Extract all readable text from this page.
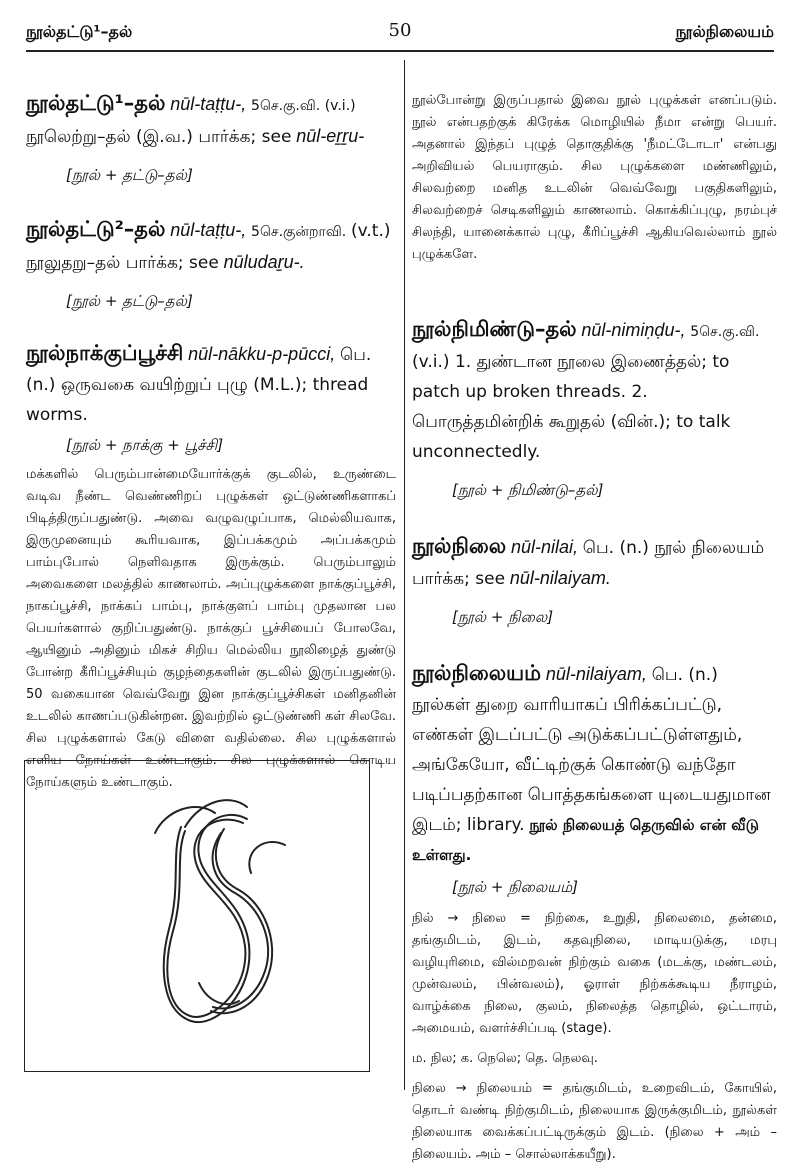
நூல்தட்டு¹–தல்	50	நூல்நிலையம்

நூல்தட்டு¹–தல் nūl-taṭṭu-, 5செ.கு.வி. (v.i.) நூலெற்று–தல் (இ.வ.) பார்க்க; see nūl-eṟṟu-

[நூல் + தட்டு–தல்]

நூல்தட்டு²–தல் nūl-taṭṭu-, 5செ.குன்றாவி. (v.t.) நூலுதறு–தல் பார்க்க; see nūludaṟu-.

[நூல் + தட்டு–தல்]

நூல்நாக்குப்பூச்சி nūl-nākku-p-pūcci, பெ. (n.) ஒருவகை வயிற்றுப் புழு (M.L.); thread worms.

[நூல் + நாக்கு + பூச்சி]

மக்களில் பெரும்பான்மையோர்க்குக் குடலில், உருண்டை வடிவ நீண்ட வெண்ணிறப் புழுக்கள் ஒட்டுண்ணிகளாகப் பிடித்திருப்பதுண்டு. அவை வழுவழுப்பாக, மெல்லியவாக, இருமுனையும் கூரியவாக, இப்பக்கமும் அப்பக்கமும் பாம்புபோல் நெளிவதாக இருக்கும். பெரும்பாலும் அவைகளை மலத்தில் காணலாம். அப்புழுக்களை நாக்குப்பூச்சி, நாகப்பூச்சி, நாக்கப் பாம்பு, நாக்குளப் பாம்பு முதலான பல பெயர்களால் குறிப்பதுண்டு. நாக்குப் பூச்சியைப் போலவே, ஆயினும் அதினும் மிகச் சிறிய மெல்லிய நூலிழைத் துண்டு போன்ற கீரிப்பூச்சியும் குழந்தைகளின் குடலில் இருப்பதுண்டு. 50 வகையான வெவ்வேறு இன நாக்குப்பூச்சிகள் மனிதனின் உடலில் காணப்படுகின்றன. இவற்றில் ஒட்டுண்ணி கள் சிலவே. சில புழுக்களால் கேடு விளை வதில்லை. சில புழுக்களால் எளிய நோய்கள் உண்டாகும். சில புழுக்களால் கொடிய நோய்களும் உண்டாகும்.

நூல்போன்று இருப்பதால் இவை நூல் புழுக்கள் எனப்படும். நூல் என்பதற்குக் கிரேக்க மொழியில் நீமா என்று பெயர். அதனால் இந்தப் புழுத் தொகுதிக்கு 'நீமட்டோடா' என்பது அறிவியல் பெயராகும். சில புழுக்களை மண்ணிலும், சிலவற்றை மனித உடலின் வெவ்வேறு பகுதிகளிலும், சிலவற்றைச் செடிகளிலும் காணலாம். கொக்கிப்புழு, நரம்புச் சிலந்தி, யானைக்கால் புழு, கீரிப்பூச்சி ஆகியவெல்லாம் நூல் புழுக்களே.

நூல்நிமிண்டு–தல் nūl-nimiṇḍu-, 5செ.கு.வி. (v.i.) 1. துண்டான நூலை இணைத்தல்; to patch up broken threads. 2. பொருத்தமின்றிக் கூறுதல் (வின்.); to talk unconnectedly.

[நூல் + நிமிண்டு–தல்]

நூல்நிலை nūl-nilai, பெ. (n.) நூல் நிலையம் பார்க்க; see nūl-nilaiyam.

[நூல் + நிலை]

நூல்நிலையம் nūl-nilaiyam, பெ. (n.) நூல்கள் துறை வாரியாகப் பிரிக்கப்பட்டு, எண்கள் இடப்பட்டு அடுக்கப்பட்டுள்ளதும், அங்கேயோ, வீட்டிற்குக் கொண்டு வந்தோ படிப்பதற்கான பொத்தகங்களை யுடையதுமான இடம்; library. நூல் நிலையத் தெருவில் என் வீடு உள்ளது.

[நூல் + நிலையம்]

நில் → நிலை = நிற்கை, உறுதி, நிலைமை, தன்மை, தங்குமிடம், இடம், கதவுநிலை, மாடியடுக்கு, மரபு வழியுரிமை, வில்மறவன் நிற்கும் வகை (மடக்கு, மண்டலம், முன்வலம், பின்வலம்), ஓராள் நிற்கக்கூடிய நீராழம், வாழ்க்கை நிலை, குலம், நிலைத்த தொழில், ஒட்டாரம், அமையம், வளர்ச்சிப்படி (stage).

ம. நில; க. நெலெ; தெ. நெலவு.

நிலை → நிலையம் = தங்குமிடம், உறைவிடம், கோயில், தொடர் வண்டி நிற்குமிடம், நிலையாக இருக்குமிடம், நூல்கள் நிலையாக வைக்கப்பட்டிருக்கும் இடம். (நிலை + அம் – நிலையம். அம் – சொல்லாக்கயீறு).
